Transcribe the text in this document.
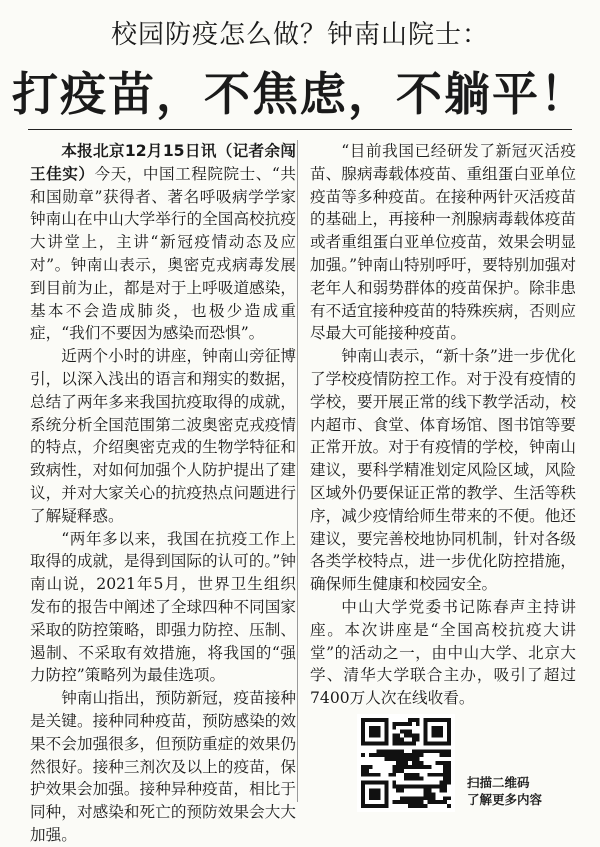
校园防疫怎么做？钟南山院士：
打疫苗，不焦虑，不躺平！

本报北京12月15日讯（记者余闯　王佳实）今天，中国工程院院士、“共和国勋章”获得者、著名呼吸病学学家钟南山在中山大学举行的全国高校抗疫大讲堂上，主讲“新冠疫情动态及应对”。钟南山表示，奥密克戎病毒发展到目前为止，都是对于上呼吸道感染，基本不会造成肺炎，也极少造成重症，“我们不要因为感染而恐惧”。

近两个小时的讲座，钟南山旁征博引，以深入浅出的语言和翔实的数据，总结了两年多来我国抗疫取得的成就，系统分析全国范围第二波奥密克戎疫情的特点，介绍奥密克戎的生物学特征和致病性，对如何加强个人防护提出了建议，并对大家关心的抗疫热点问题进行了解疑释惑。

“两年多以来，我国在抗疫工作上取得的成就，是得到国际的认可的。”钟南山说，2021年5月，世界卫生组织发布的报告中阐述了全球四种不同国家采取的防控策略，即强力防控、压制、遏制、不采取有效措施，将我国的“强力防控”策略列为最佳选项。

钟南山指出，预防新冠，疫苗接种是关键。接种同种疫苗，预防感染的效果不会加强很多，但预防重症的效果仍然很好。接种三剂次及以上的疫苗，保护效果会加强。接种异种疫苗，相比于同种，对感染和死亡的预防效果会大大加强。

“目前我国已经研发了新冠灭活疫苗、腺病毒载体疫苗、重组蛋白亚单位疫苗等多种疫苗。在接种两针灭活疫苗的基础上，再接种一剂腺病毒载体疫苗或者重组蛋白亚单位疫苗，效果会明显加强。”钟南山特别呼吁，要特别加强对老年人和弱势群体的疫苗保护。除非患有不适宜接种疫苗的特殊疾病，否则应尽最大可能接种疫苗。

钟南山表示，“新十条”进一步优化了学校疫情防控工作。对于没有疫情的学校，要开展正常的线下教学活动，校内超市、食堂、体育场馆、图书馆等要正常开放。对于有疫情的学校，钟南山建议，要科学精准划定风险区域，风险区域外仍要保证正常的教学、生活等秩序，减少疫情给师生带来的不便。他还建议，要完善校地协同机制，针对各级各类学校特点，进一步优化防控措施，确保师生健康和校园安全。

中山大学党委书记陈春声主持讲座。本次讲座是“全国高校抗疫大讲堂”的活动之一，由中山大学、北京大学、清华大学联合主办，吸引了超过7400万人次在线收看。

扫描二维码
了解更多内容
